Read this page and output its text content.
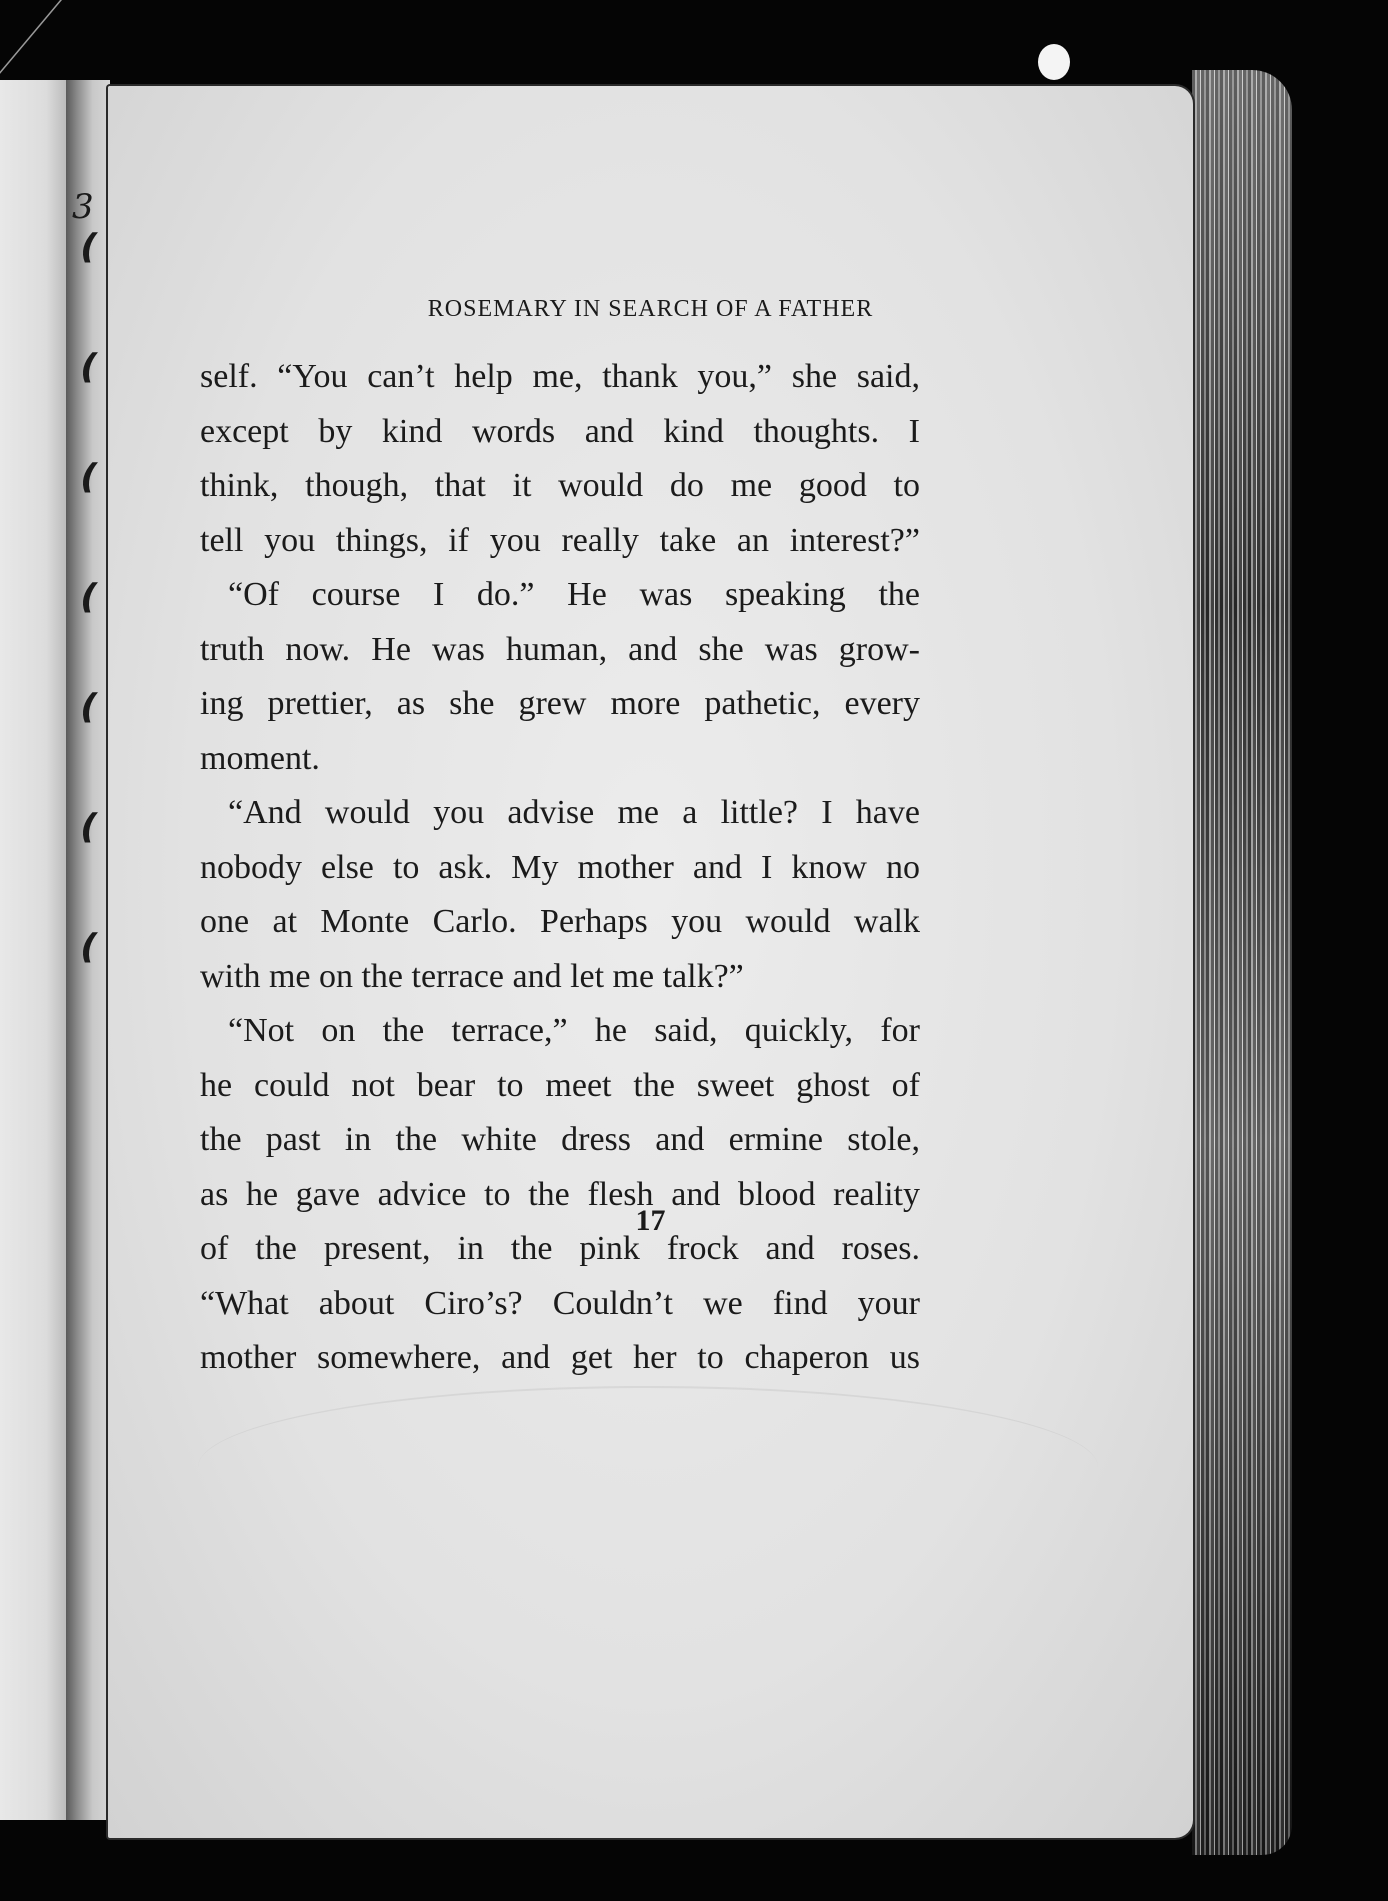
3
❪
❪
❪
❪
❪
❪
❪
ROSEMARY IN SEARCH OF A FATHER
self. “You can’t help me, thank you,” she said,
except by kind words and kind thoughts. I
think, though, that it would do me good to
tell you things, if you really take an interest?”
“Of course I do.” He was speaking the
truth now. He was human, and she was grow-
ing prettier, as she grew more pathetic, every
moment.
“And would you advise me a little? I have
nobody else to ask. My mother and I know no
one at Monte Carlo. Perhaps you would walk
with me on the terrace and let me talk?”
“Not on the terrace,” he said, quickly, for
he could not bear to meet the sweet ghost of
the past in the white dress and ermine stole,
as he gave advice to the flesh and blood reality
of the present, in the pink frock and roses.
“What about Ciro’s? Couldn’t we find your
mother somewhere, and get her to chaperon us
17
